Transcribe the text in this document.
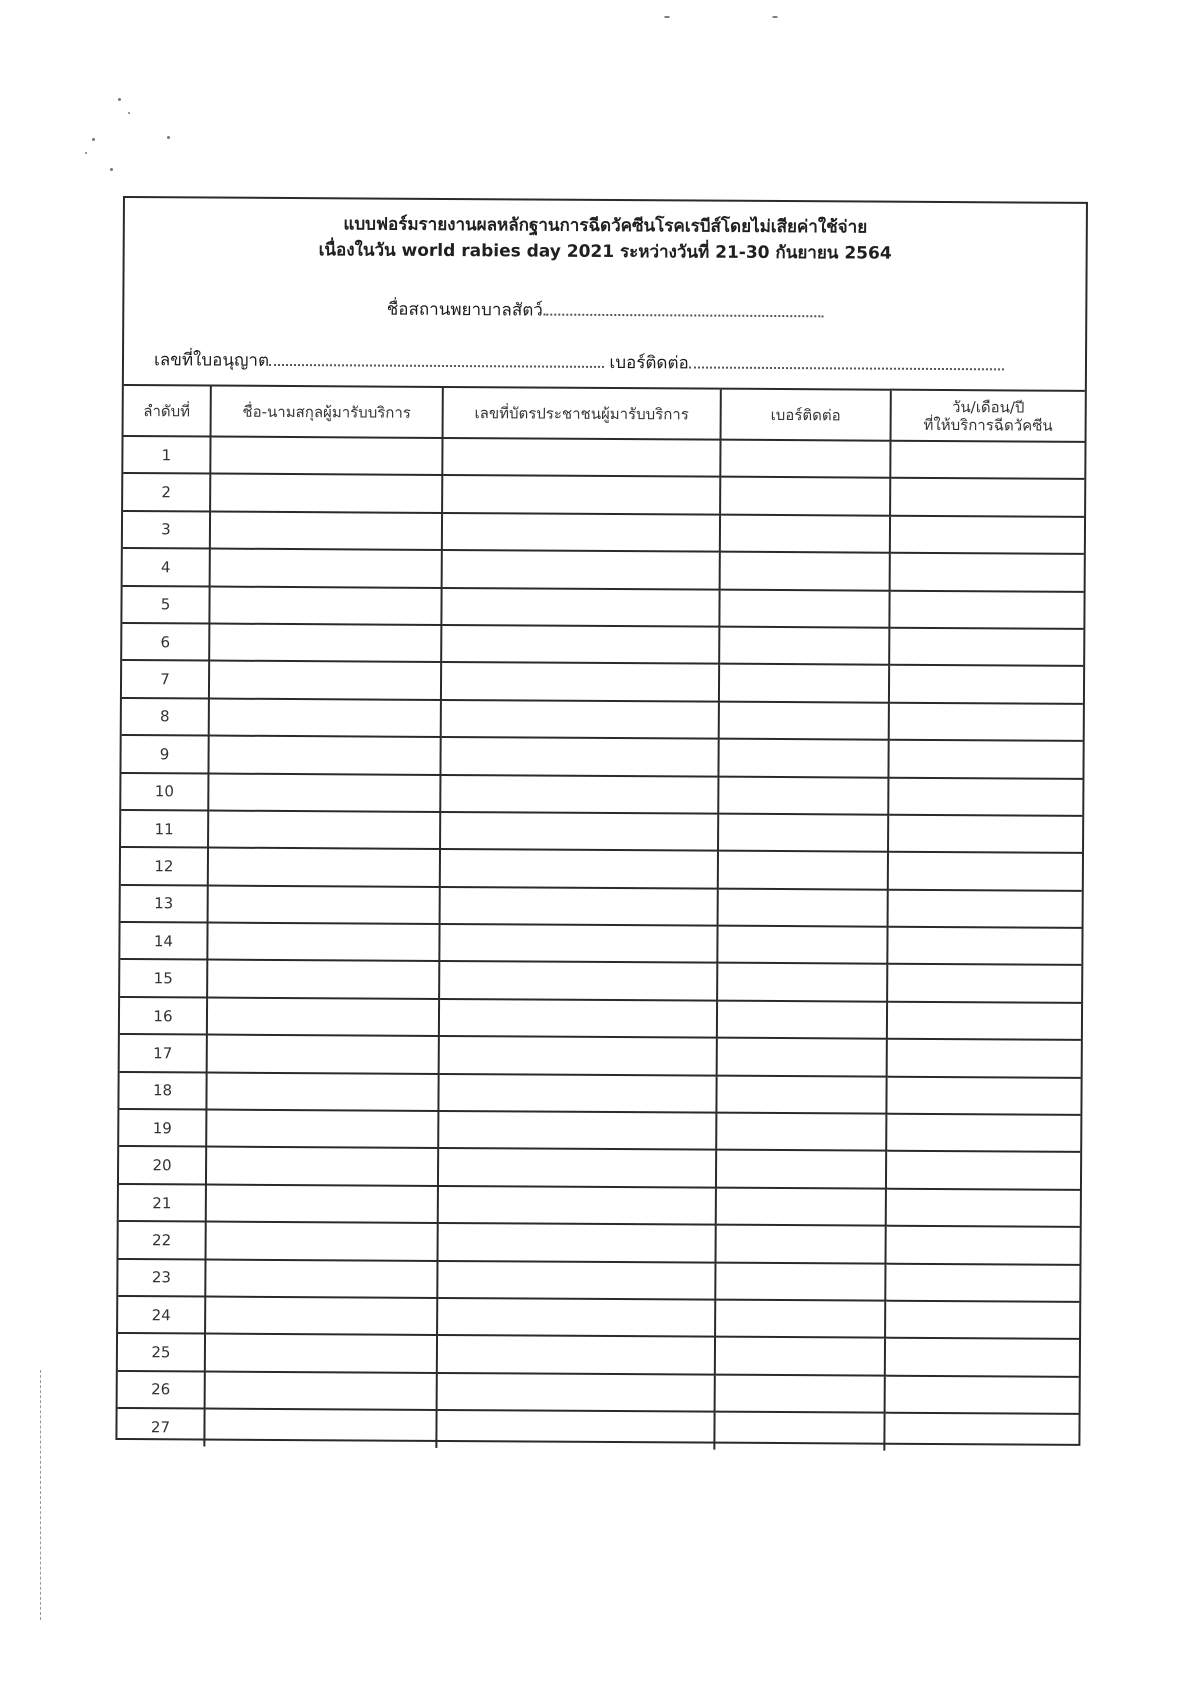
แบบฟอร์มรายงานผลหลักฐานการฉีดวัคซีนโรคเรบีส์โดยไม่เสียค่าใช้จ่าย
เนื่องในวัน world rabies day 2021 ระหว่างวันที่ 21-30 กันยายน 2564
ชื่อสถานพยาบาลสัตว์
เลขที่ใบอนุญาต	เบอร์ติดต่อ
ลำดับที่	ชื่อ-นามสกุลผู้มารับบริการ	เลขที่บัตรประชาชนผู้มารับบริการ	เบอร์ติดต่อ	วัน/เดือน/ปี
ที่ให้บริการฉีดวัคซีน

1				
2				
3				
4				
5				
6				
7				
8				
9				
10				
11				
12				
13				
14				
15				
16				
17				
18				
19				
20				
21				
22				
23				
24				
25				
26				
27				
